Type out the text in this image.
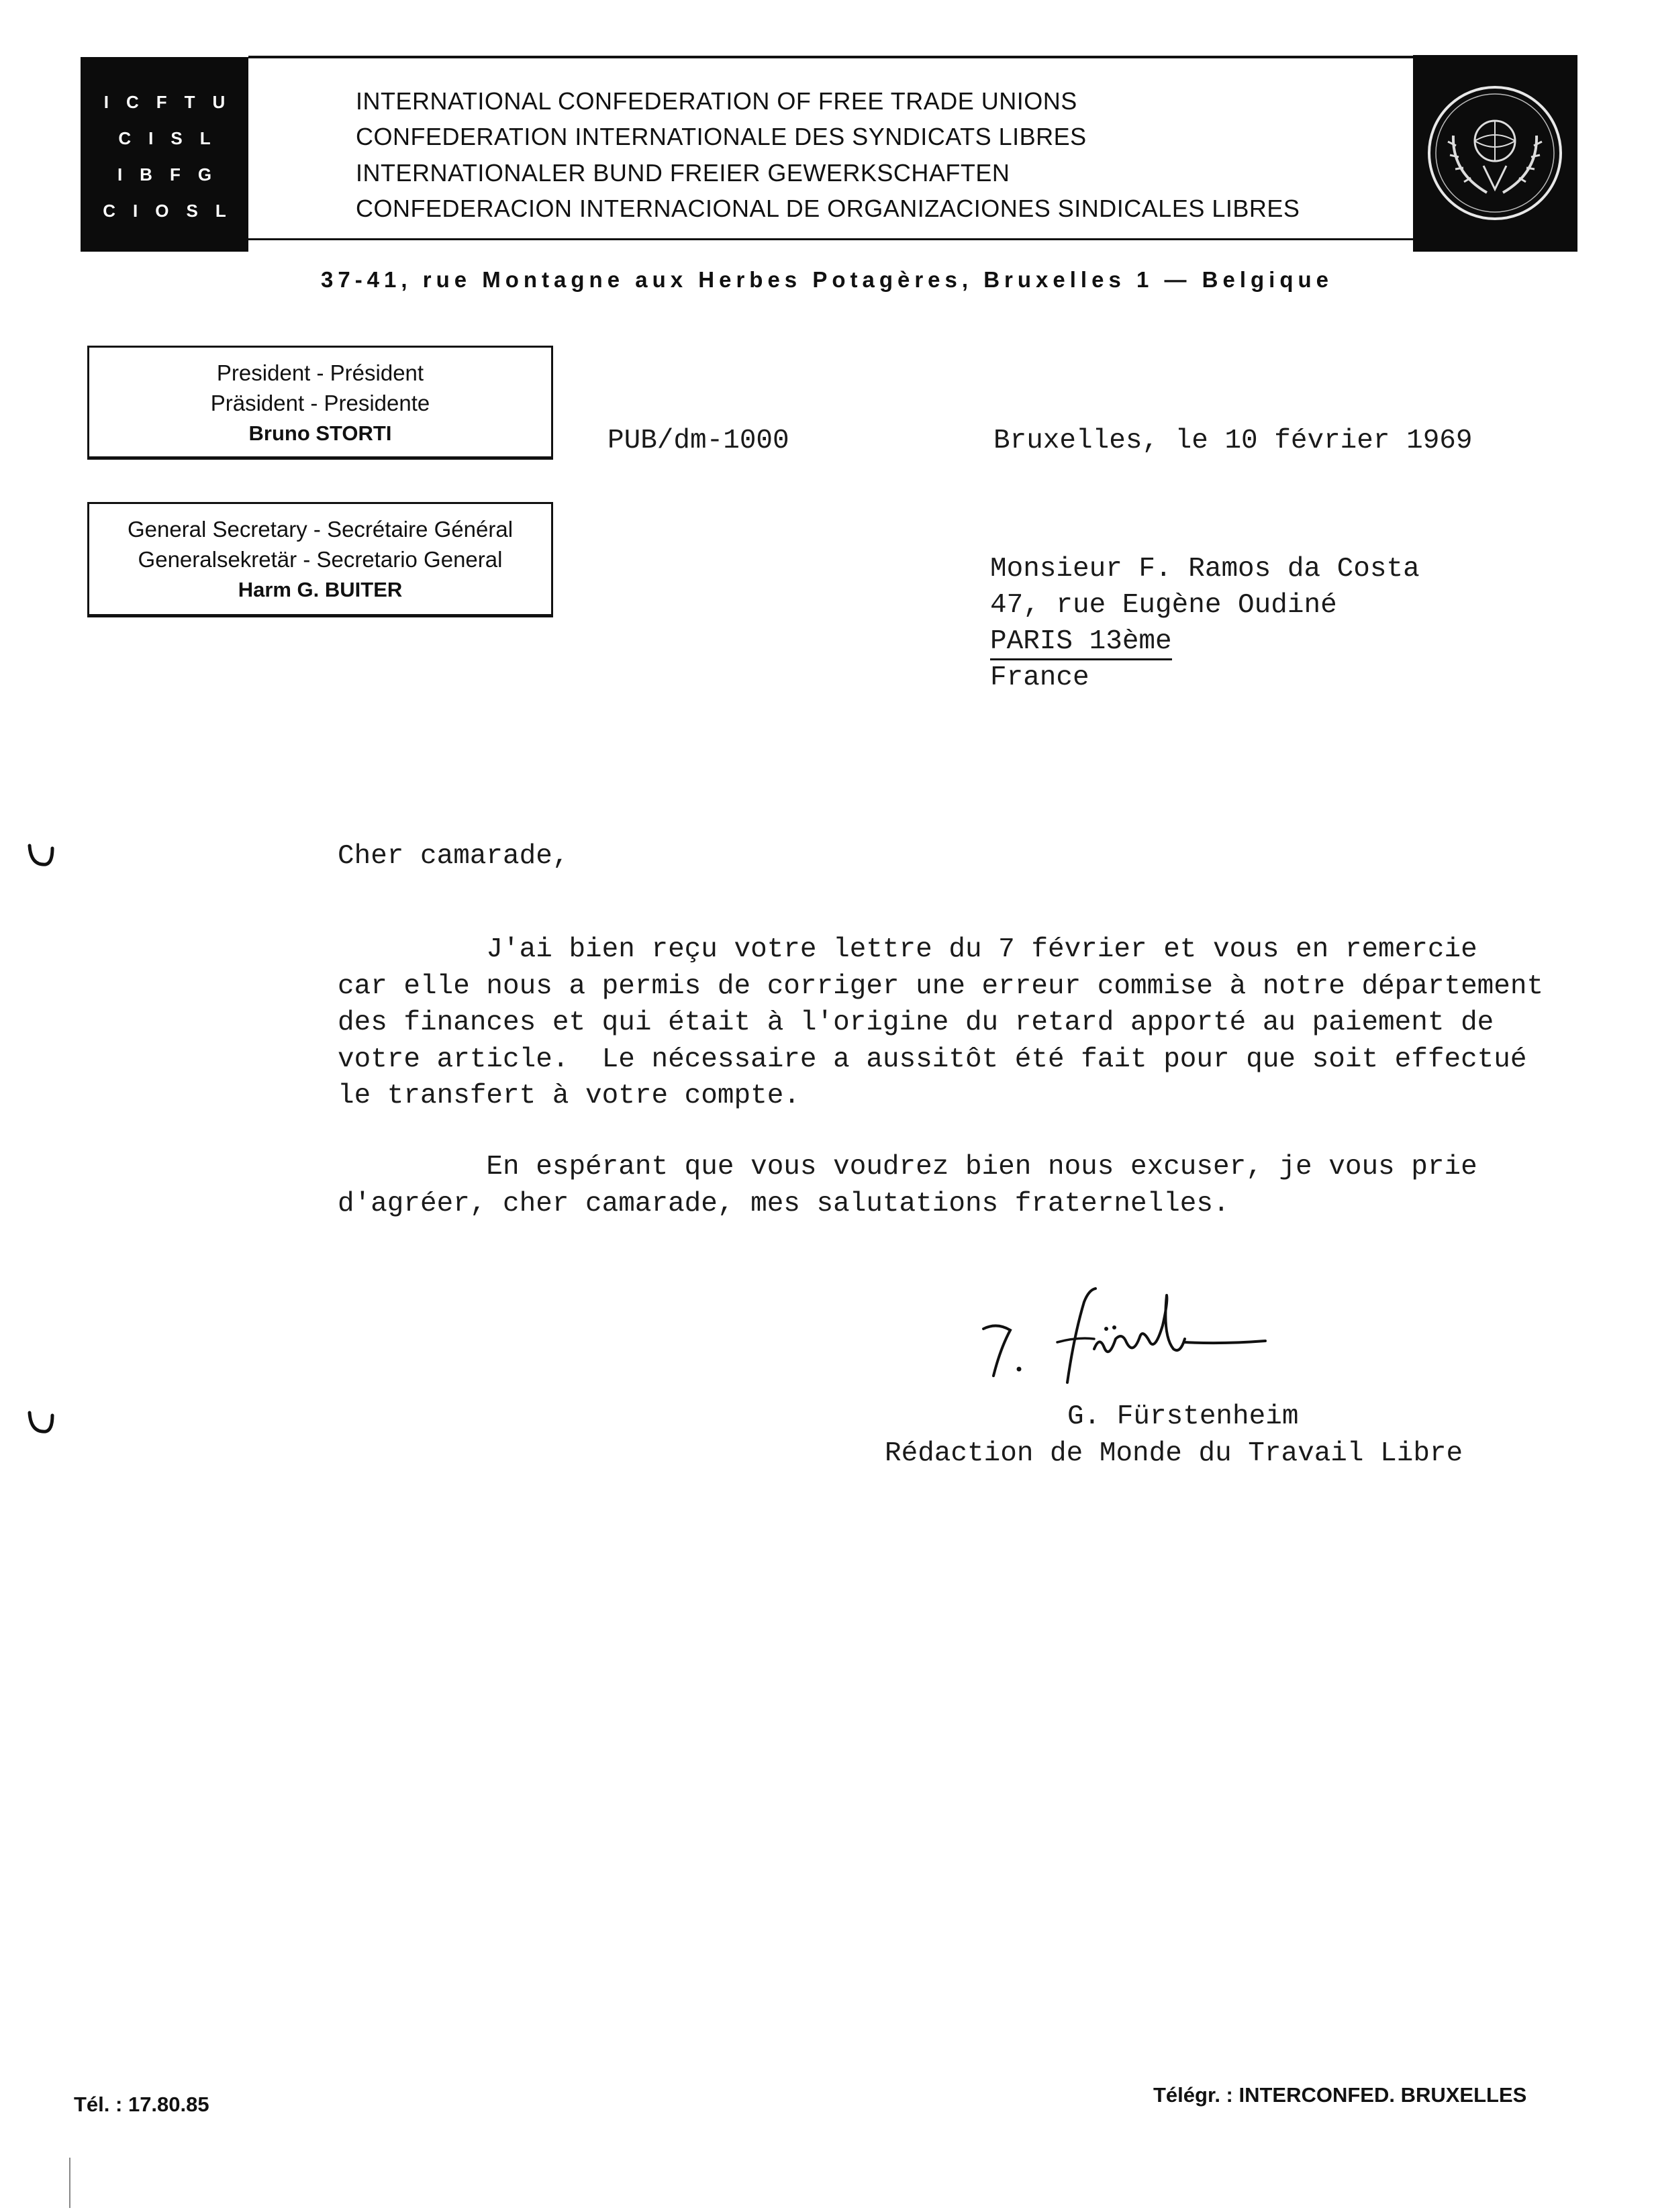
ICFTU
CISL
IBFG
CIOSL
INTERNATIONAL CONFEDERATION OF FREE TRADE UNIONS
CONFEDERATION INTERNATIONALE DES SYNDICATS LIBRES
INTERNATIONALER BUND FREIER GEWERKSCHAFTEN
CONFEDERACION INTERNACIONAL DE ORGANIZACIONES SINDICALES LIBRES
37-41, rue Montagne aux Herbes Potagères, Bruxelles 1 — Belgique
President - Président
Präsident - Presidente
Bruno STORTI
General Secretary - Secrétaire Général
Generalsekretär - Secretario General
Harm G. BUITER
PUB/dm-1000	Bruxelles, le 10 février 1969
Monsieur F. Ramos da Costa
47, rue Eugène Oudiné
PARIS 13ème
France
Cher camarade,
J'ai bien reçu votre lettre du 7 février et vous en remercie
car elle nous a permis de corriger une erreur commise à notre département
des finances et qui était à l'origine du retard apporté au paiement de
votre article.  Le nécessaire a aussitôt été fait pour que soit effectué
le transfert à votre compte.
En espérant que vous voudrez bien nous excuser, je vous prie
d'agréer, cher camarade, mes salutations fraternelles.
G. Fürstenheim
Rédaction de Monde du Travail Libre
Tél. : 17.80.85	Télégr. : INTERCONFED. BRUXELLES
